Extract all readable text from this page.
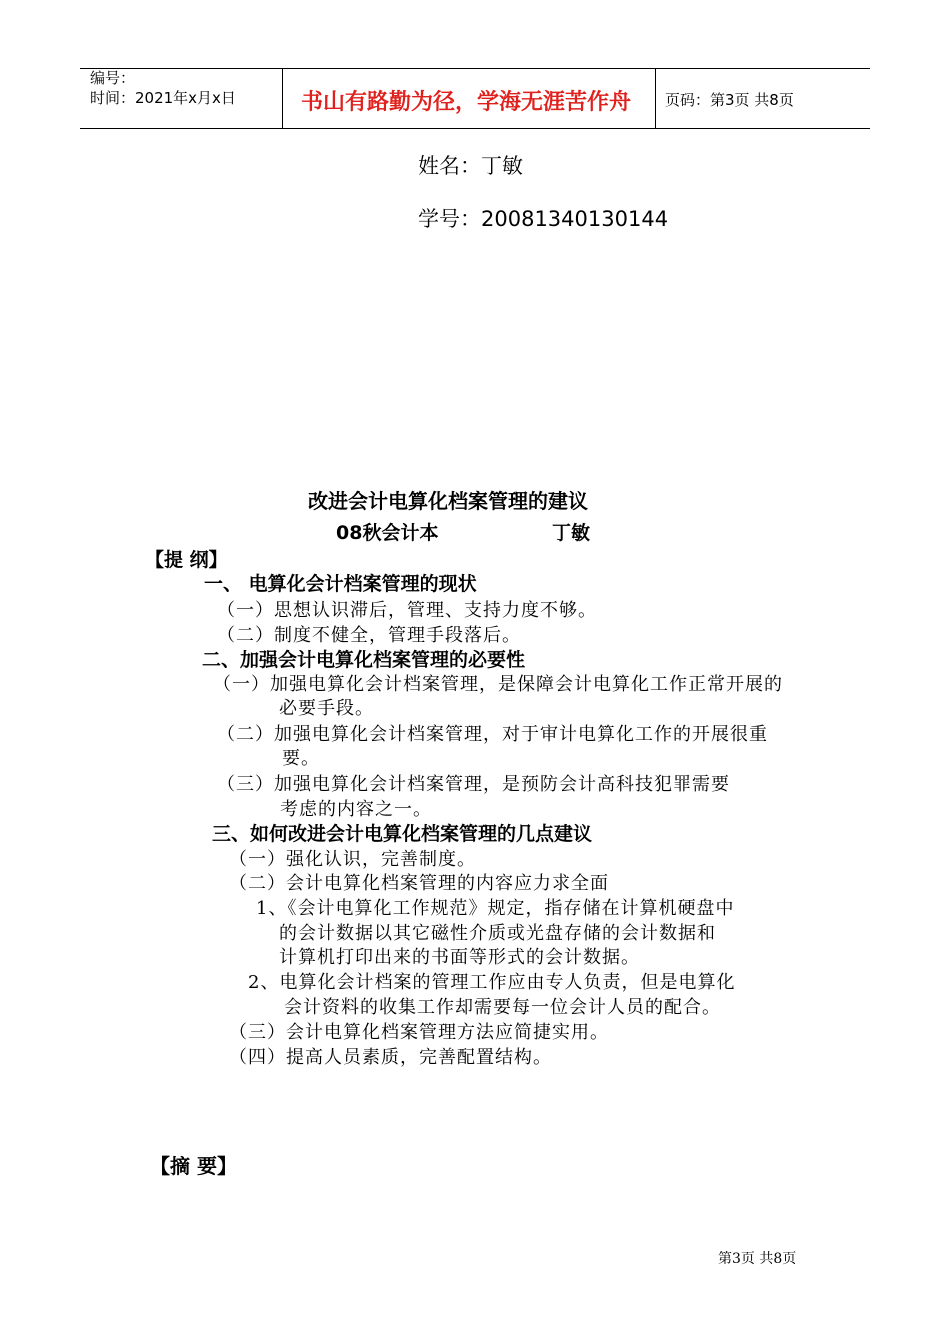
编号：
时间：2021年x月x日	书山有路勤为径，学海无涯苦作舟 页码：第3页 共8页
姓名：丁敏
学号：20081340130144
改进会计电算化档案管理的建议
08秋会计本	丁敏
【提 纲】
一、 电算化会计档案管理的现状
（一）思想认识滞后，管理、支持力度不够。
（二）制度不健全，管理手段落后。
二、加强会计电算化档案管理的必要性
（一）加强电算化会计档案管理，是保障会计电算化工作正常开展的
必要手段。
（二）加强电算化会计档案管理，对于审计电算化工作的开展很重
要。
（三）加强电算化会计档案管理，是预防会计高科技犯罪需要
考虑的内容之一。
三、如何改进会计电算化档案管理的几点建议
（一）强化认识，完善制度。
（二）会计电算化档案管理的内容应力求全面
1、《会计电算化工作规范》规定，指存储在计算机硬盘中
的会计数据以其它磁性介质或光盘存储的会计数据和
计算机打印出来的书面等形式的会计数据。
2、电算化会计档案的管理工作应由专人负责，但是电算化
会计资料的收集工作却需要每一位会计人员的配合。
（三）会计电算化档案管理方法应简捷实用。
（四）提高人员素质，完善配置结构。
【摘 要】
第3页 共8页
